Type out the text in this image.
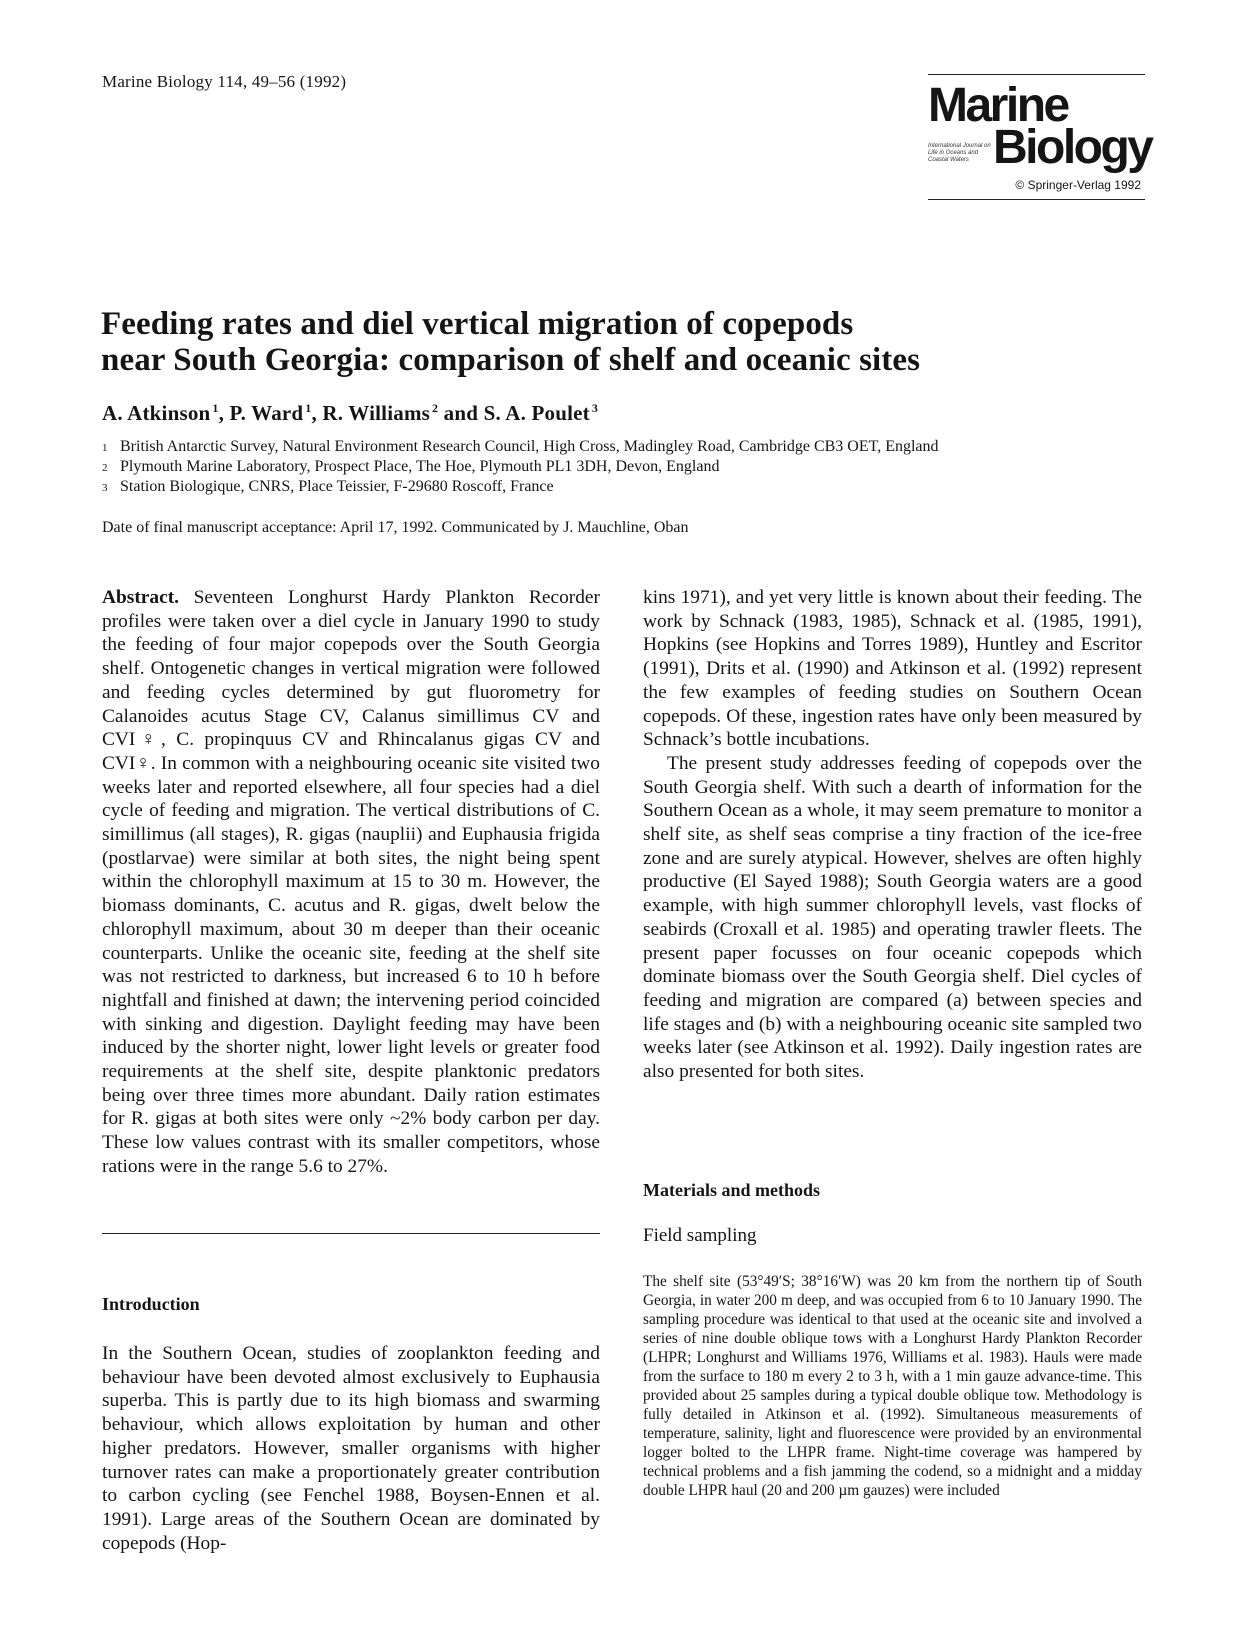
Marine Biology 114, 49–56 (1992)	Marine
International Journal on Life in Oceans and Coastal Waters Biology
© Springer-Verlag 1992
Feeding rates and diel vertical migration of copepods
near South Georgia: comparison of shelf and oceanic sites
A. Atkinson $^1$, P. Ward $^1$, R. Williams $^2$ and S. A. Poulet $^3$
1 British Antarctic Survey, Natural Environment Research Council, High Cross, Madingley Road, Cambridge CB3 OET, England
2 Plymouth Marine Laboratory, Prospect Place, The Hoe, Plymouth PL1 3DH, Devon, England
3 Station Biologique, CNRS, Place Teissier, F-29680 Roscoff, France
Date of final manuscript acceptance: April 17, 1992. Communicated by J. Mauchline, Oban

Abstract. Seventeen Longhurst Hardy Plankton Recorder profiles were taken over a diel cycle in January 1990 to study the feeding of four major copepods over the South Georgia shelf. Ontogenetic changes in vertical migration were followed and feeding cycles determined by gut fluorometry for Calanoides acutus Stage CV, Calanus simillimus CV and CVI♀, C. propinquus CV and Rhincalanus gigas CV and CVI♀. In common with a neighbouring oceanic site visited two weeks later and reported elsewhere, all four species had a diel cycle of feeding and migration. The vertical distributions of C. simillimus (all stages), R. gigas (nauplii) and Euphausia frigida (postlarvae) were similar at both sites, the night being spent within the chlorophyll maximum at 15 to 30 m. However, the biomass dominants, C. acutus and R. gigas, dwelt below the chlorophyll maximum, about 30 m deeper than their oceanic counterparts. Unlike the oceanic site, feeding at the shelf site was not restricted to darkness, but increased 6 to 10 h before nightfall and finished at dawn; the intervening period coincided with sinking and digestion. Daylight feeding may have been induced by the shorter night, lower light levels or greater food requirements at the shelf site, despite planktonic predators being over three times more abundant. Daily ration estimates for R. gigas at both sites were only ~2% body carbon per day. These low values contrast with its smaller competitors, whose rations were in the range 5.6 to 27%.

Introduction

In the Southern Ocean, studies of zooplankton feeding and behaviour have been devoted almost exclusively to Euphausia superba. This is partly due to its high biomass and swarming behaviour, which allows exploitation by human and other higher predators. However, smaller organisms with higher turnover rates can make a proportionately greater contribution to carbon cycling (see Fenchel 1988, Boysen-Ennen et al. 1991). Large areas of the Southern Ocean are dominated by copepods (Hop-

kins 1971), and yet very little is known about their feeding. The work by Schnack (1983, 1985), Schnack et al. (1985, 1991), Hopkins (see Hopkins and Torres 1989), Huntley and Escritor (1991), Drits et al. (1990) and Atkinson et al. (1992) represent the few examples of feeding studies on Southern Ocean copepods. Of these, ingestion rates have only been measured by Schnack’s bottle incubations.

The present study addresses feeding of copepods over the South Georgia shelf. With such a dearth of information for the Southern Ocean as a whole, it may seem premature to monitor a shelf site, as shelf seas comprise a tiny fraction of the ice-free zone and are surely atypical. However, shelves are often highly productive (El Sayed 1988); South Georgia waters are a good example, with high summer chlorophyll levels, vast flocks of seabirds (Croxall et al. 1985) and operating trawler fleets. The present paper focusses on four oceanic copepods which dominate biomass over the South Georgia shelf. Diel cycles of feeding and migration are compared (a) between species and life stages and (b) with a neighbouring oceanic site sampled two weeks later (see Atkinson et al. 1992). Daily ingestion rates are also presented for both sites.

Materials and methods
Field sampling

The shelf site (53°49′S; 38°16′W) was 20 km from the northern tip of South Georgia, in water 200 m deep, and was occupied from 6 to 10 January 1990. The sampling procedure was identical to that used at the oceanic site and involved a series of nine double oblique tows with a Longhurst Hardy Plankton Recorder (LHPR; Longhurst and Williams 1976, Williams et al. 1983). Hauls were made from the surface to 180 m every 2 to 3 h, with a 1 min gauze advance-time. This provided about 25 samples during a typical double oblique tow. Methodology is fully detailed in Atkinson et al. (1992). Simultaneous measurements of temperature, salinity, light and fluorescence were provided by an environmental logger bolted to the LHPR frame. Night-time coverage was hampered by technical problems and a fish jamming the codend, so a midnight and a midday double LHPR haul (20 and 200 µm gauzes) were included
